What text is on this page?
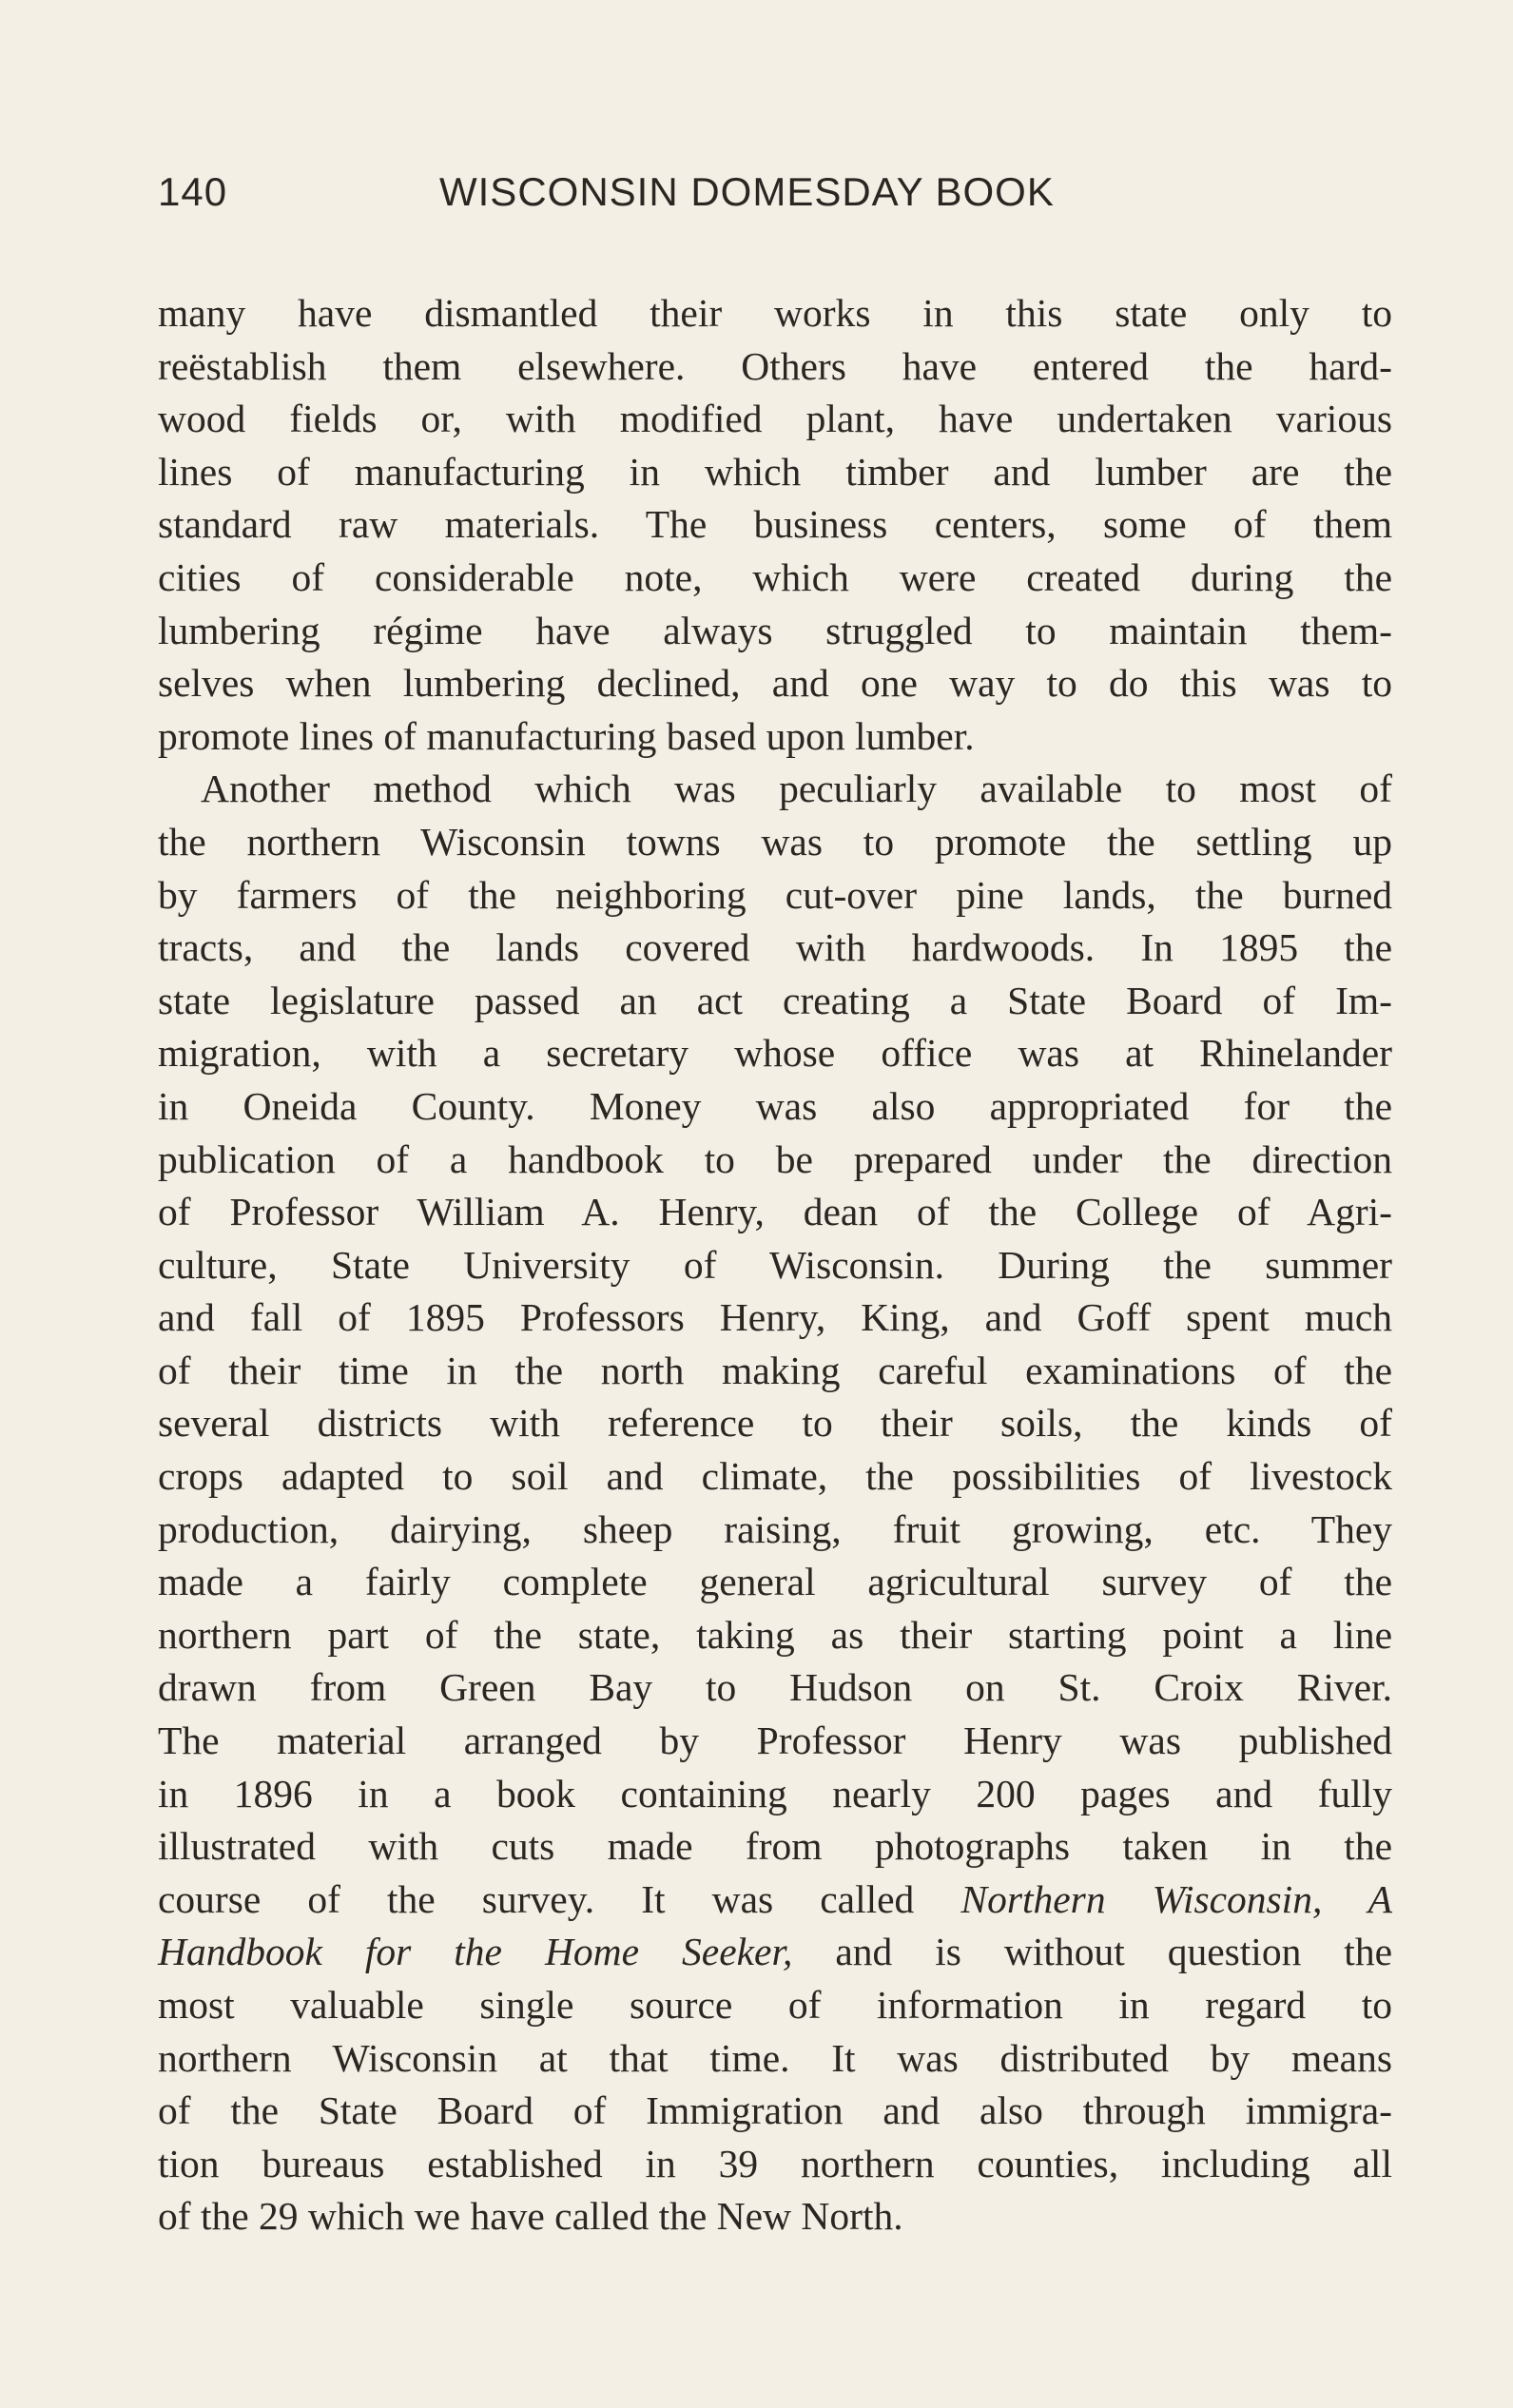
140	WISCONSIN DOMESDAY BOOK
many have dismantled their works in this state only to
reëstablish them elsewhere. Others have entered the hard-
wood fields or, with modified plant, have undertaken various
lines of manufacturing in which timber and lumber are the
standard raw materials. The business centers, some of them
cities of considerable note, which were created during the
lumbering régime have always struggled to maintain them-
selves when lumbering declined, and one way to do this was to
promote lines of manufacturing based upon lumber.
Another method which was peculiarly available to most of
the northern Wisconsin towns was to promote the settling up
by farmers of the neighboring cut-over pine lands, the burned
tracts, and the lands covered with hardwoods. In 1895 the
state legislature passed an act creating a State Board of Im-
migration, with a secretary whose office was at Rhinelander
in Oneida County. Money was also appropriated for the
publication of a handbook to be prepared under the direction
of Professor William A. Henry, dean of the College of Agri-
culture, State University of Wisconsin. During the summer
and fall of 1895 Professors Henry, King, and Goff spent much
of their time in the north making careful examinations of the
several districts with reference to their soils, the kinds of
crops adapted to soil and climate, the possibilities of livestock
production, dairying, sheep raising, fruit growing, etc. They
made a fairly complete general agricultural survey of the
northern part of the state, taking as their starting point a line
drawn from Green Bay to Hudson on St. Croix River.
The material arranged by Professor Henry was published
in 1896 in a book containing nearly 200 pages and fully
illustrated with cuts made from photographs taken in the
course of the survey. It was called Northern Wisconsin, A
Handbook for the Home Seeker, and is without question the
most valuable single source of information in regard to
northern Wisconsin at that time. It was distributed by means
of the State Board of Immigration and also through immigra-
tion bureaus established in 39 northern counties, including all
of the 29 which we have called the New North.
